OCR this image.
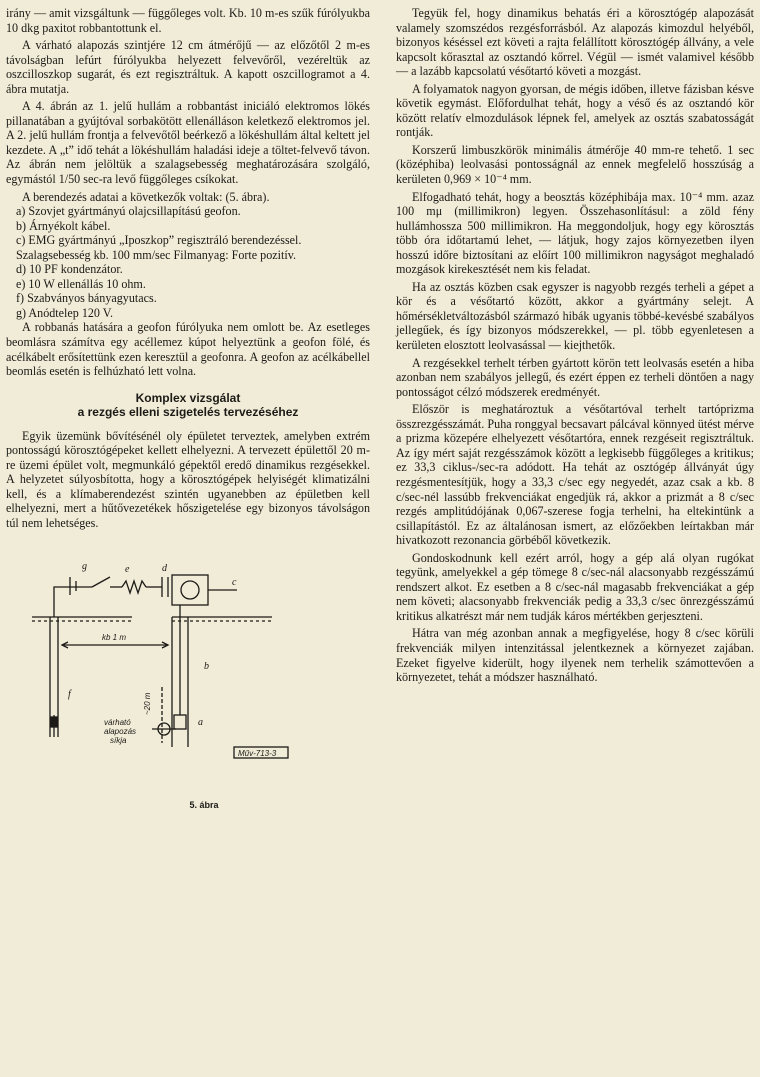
irány — amit vizsgáltunk — függőleges volt. Kb. 10 m-es szűk fúrólyukba 10 dkg paxitot robbantottunk el.

A várható alapozás szintjére 12 cm átmérőjű — az előzőtől 2 m-es távolságban lefúrt fúrólyukba helyezett felvevőről, vezéreltük az oszcilloszkop sugarát, és ezt regisztráltuk. A kapott oszcillogramot a 4. ábra mutatja.

A 4. ábrán az 1. jelű hullám a robbantást iniciáló elektromos lökés pillanatában a gyújtóval sorbakötött ellenálláson keletkező elektromos jel. A 2. jelű hullám frontja a felvevőtől beérkező a lökéshullám által keltett jel kezdete. A „t” idő tehát a lökéshullám haladási ideje a töltet-felvevő távon. Az ábrán nem jelöltük a szalagsebesség meghatározására szolgáló, egymástól 1/50 sec-ra levő függőleges csíkokat.

A berendezés adatai a következők voltak: (5. ábra).

a) Szovjet gyártmányú olajcsillapítású geofon.

b) Árnyékolt kábel.

c) EMG gyártmányú „Iposzkop” regisztráló berendezéssel. Szalagsebesség kb. 100 mm/sec Filmanyag: Forte pozitív.

d) 10 PF kondenzátor.

e) 10 W ellenállás 10 ohm.

f) Szabványos bányagyutacs.

g) Anódtelep 120 V.

A robbanás hatására a geofon fúrólyuka nem omlott be. Az esetleges beomlásra számítva egy acéllemez kúpot helyeztünk a geofon fölé, és acélkábelt erősítettünk ezen keresztül a geofonra. A geofon az acélkábellel beomlás esetén is felhúzható lett volna.

Komplex vizsgálat
a rezgés elleni szigetelés tervezéséhez

Egyik üzemünk bővítésénél oly épületet terveztek, amelyben extrém pontosságú körosztógépeket kellett elhelyezni. A tervezett épülettől 20 m-re üzemi épület volt, megmunkáló gépektől eredő dinamikus rezgésekkel. A helyzetet súlyosbította, hogy a körosztógépek helyiségét klimatizálni kell, és a klímaberendezést szintén ugyanebben az épületben kell elhelyezni, mert a hűtővezetékek hőszigetelése egy bizonyos távolságon túl nem lehetséges.

g	e	d
c
b
f
a
kb 1 m
~20 m
várható
alapozás
síkja
Műv-713-3
5. ábra

Tegyük fel, hogy dinamikus behatás éri a körosztógép alapozását valamely szomszédos rezgésforrásból. Az alapozás kimozdul helyéből, bizonyos késéssel ezt követi a rajta felállított körosztógép állvány, a vele kapcsolt kőrasztal az osztandó kőrrel. Végül — ismét valamivel később — a lazább kapcsolatú vésőtartó követi a mozgást.

A folyamatok nagyon gyorsan, de mégis időben, illetve fázisban késve követik egymást. Előfordulhat tehát, hogy a véső és az osztandó kör között relatív elmozdulások lépnek fel, amelyek az osztás szabatosságát rontják.

Korszerű limbuszkörök minimális átmérője 40 mm-re tehető. 1 sec (középhiba) leolvasási pontosságnál az ennek megfelelő hosszúság a kerületen 0,969 × 10⁻⁴ mm.

Elfogadható tehát, hogy a beosztás középhibája max. 10⁻⁴ mm. azaz 100 mμ (millimikron) legyen. Összehasonlításul: a zöld fény hullámhossza 500 millimikron. Ha meggondoljuk, hogy egy körosztás több óra időtartamú lehet, — látjuk, hogy zajos környezetben ilyen hosszú időre biztosítani az előírt 100 millimikron nagyságot meghaladó mozgások kirekesztését nem kis feladat.

Ha az osztás közben csak egyszer is nagyobb rezgés terheli a gépet a kör és a vésőtartó között, akkor a gyártmány selejt. A hőmérsékletváltozásból származó hibák ugyanis többé-kevésbé szabályos jellegűek, és így bizonyos módszerekkel, — pl. több egyenletesen a kerületen elosztott leolvasással — kiejthetők.

A rezgésekkel terhelt térben gyártott körön tett leolvasás esetén a hiba azonban nem szabályos jellegű, és ezért éppen ez terheli döntően a nagy pontosságot célzó módszerek eredményét.

Először is meghatároztuk a vésőtartóval terhelt tartóprizma összrezgésszámát. Puha ronggyal becsavart pálcával könnyed ütést mérve a prizma közepére elhelyezett vésőtartóra, ennek rezgéseit regisztráltuk. Az így mért saját rezgésszámok között a legkisebb függőleges a kritikus; ez 33,3 ciklus-/sec-ra adódott. Ha tehát az osztógép állványát úgy rezgésmentesítjük, hogy a 33,3 c/sec egy negyedét, azaz csak a kb. 8 c/sec-nél lassúbb frekvenciákat engedjük rá, akkor a prizmát a 8 c/sec rezgés amplitúdójának 0,067-szerese fogja terhelni, ha eltekintünk a csillapítástól. Ez az általánosan ismert, az előzőekben leírtakban már hivatkozott rezonancia görbéből következik.

Gondoskodnunk kell ezért arról, hogy a gép alá olyan rugókat tegyünk, amelyekkel a gép tömege 8 c/sec-nál alacsonyabb rezgésszámú rendszert alkot. Ez esetben a 8 c/sec-nál magasabb frekvenciákat a gép nem követi; alacsonyabb frekvenciák pedig a 33,3 c/sec önrezgésszámú kritikus alkatrészt már nem tudják káros mértékben gerjeszteni.

Hátra van még azonban annak a megfigyelése, hogy 8 c/sec körüli frekvenciák milyen intenzitással jelentkeznek a környezet zajában. Ezeket figyelve kiderült, hogy ilyenek nem terhelik számottevően a környezetet, tehát a módszer használható.
